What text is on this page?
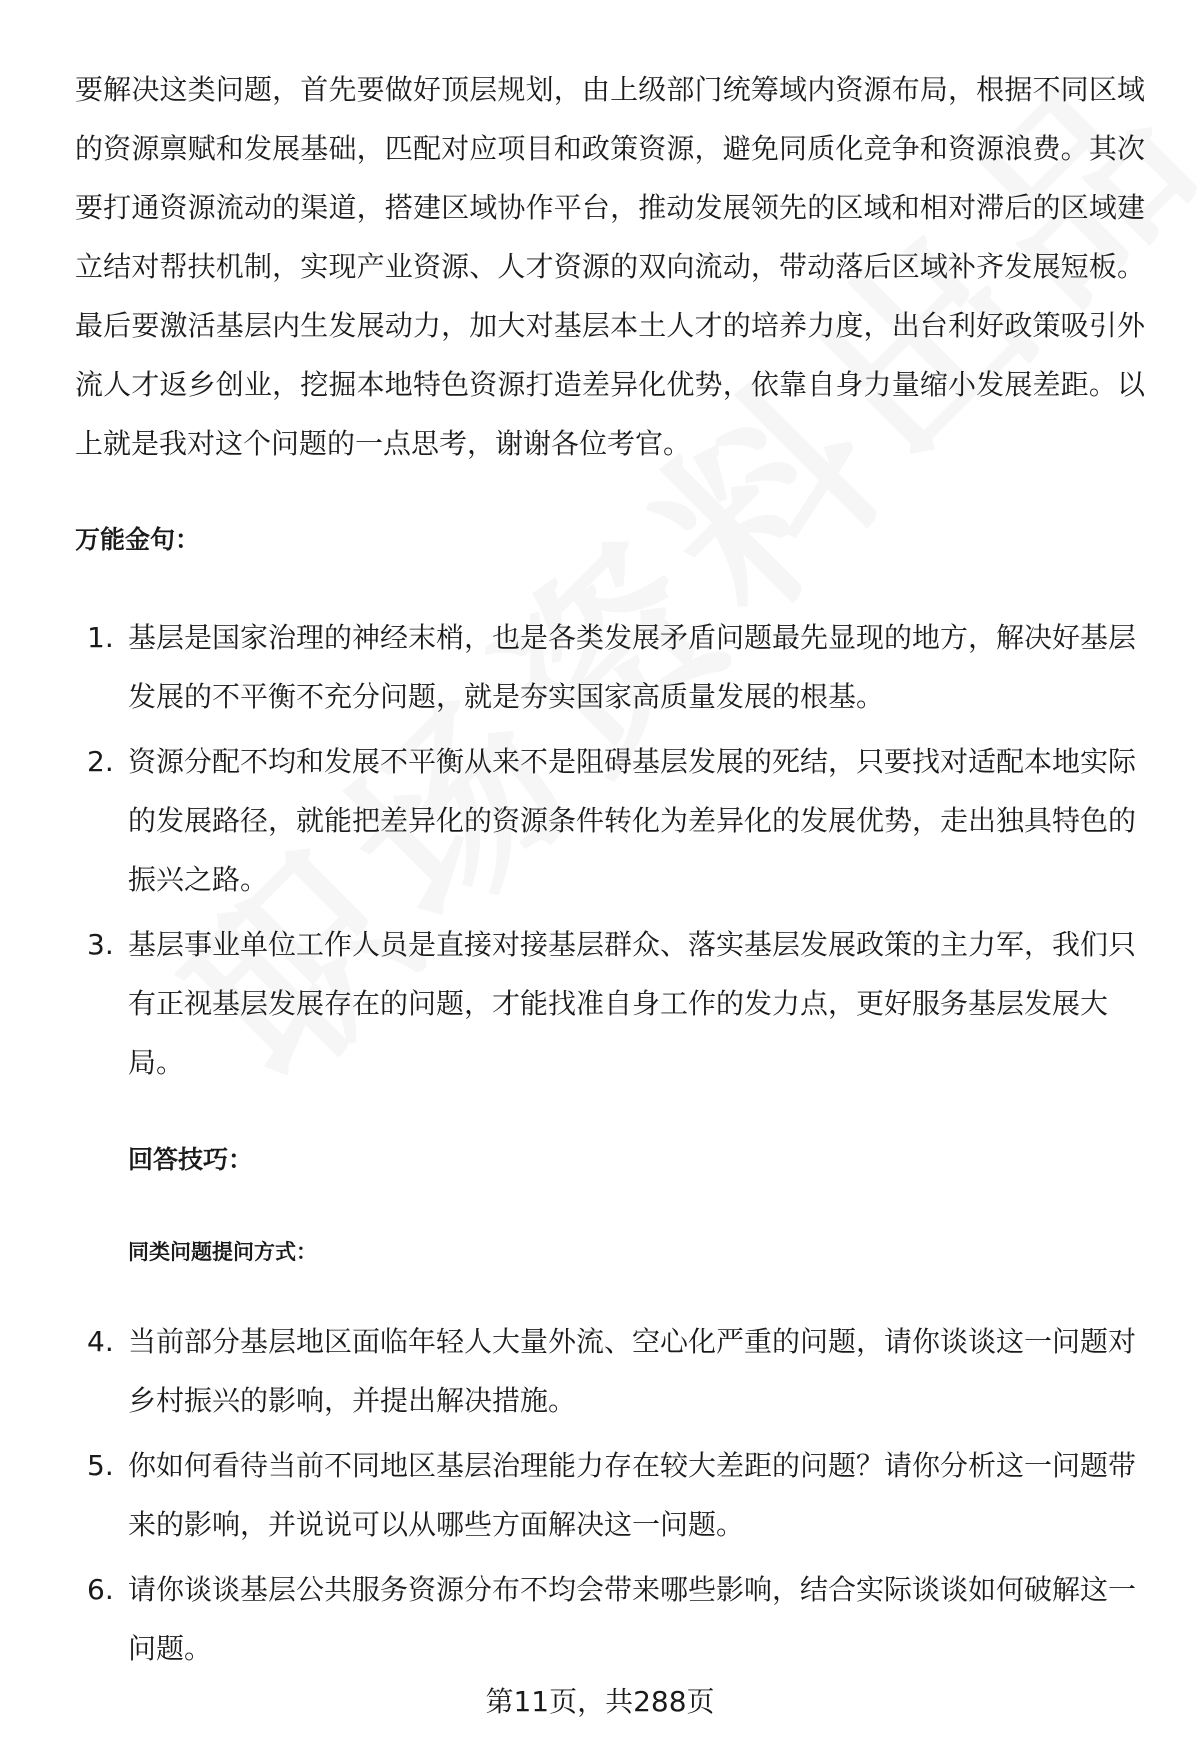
要解决这类问题，首先要做好顶层规划，由上级部门统筹域内资源布局，根据不同区域的资源禀赋和发展基础，匹配对应项目和政策资源，避免同质化竞争和资源浪费。其次要打通资源流动的渠道，搭建区域协作平台，推动发展领先的区域和相对滞后的区域建立结对帮扶机制，实现产业资源、人才资源的双向流动，带动落后区域补齐发展短板。最后要激活基层内生发展动力，加大对基层本土人才的培养力度，出台利好政策吸引外流人才返乡创业，挖掘本地特色资源打造差异化优势，依靠自身力量缩小发展差距。以上就是我对这个问题的一点思考，谢谢各位考官。

万能金句：
1. 基层是国家治理的神经末梢，也是各类发展矛盾问题最先显现的地方，解决好基层发展的不平衡不充分问题，就是夯实国家高质量发展的根基。
2. 资源分配不均和发展不平衡从来不是阻碍基层发展的死结，只要找对适配本地实际的发展路径，就能把差异化的资源条件转化为差异化的发展优势，走出独具特色的振兴之路。
3. 基层事业单位工作人员是直接对接基层群众、落实基层发展政策的主力军，我们只有正视基层发展存在的问题，才能找准自身工作的发力点，更好服务基层发展大局。
回答技巧：
同类问题提问方式：
4. 当前部分基层地区面临年轻人大量外流、空心化严重的问题，请你谈谈这一问题对乡村振兴的影响，并提出解决措施。
5. 你如何看待当前不同地区基层治理能力存在较大差距的问题？请你分析这一问题带来的影响，并说说可以从哪些方面解决这一问题。
6. 请你谈谈基层公共服务资源分布不均会带来哪些影响，结合实际谈谈如何破解这一问题。
第11页，共288页
